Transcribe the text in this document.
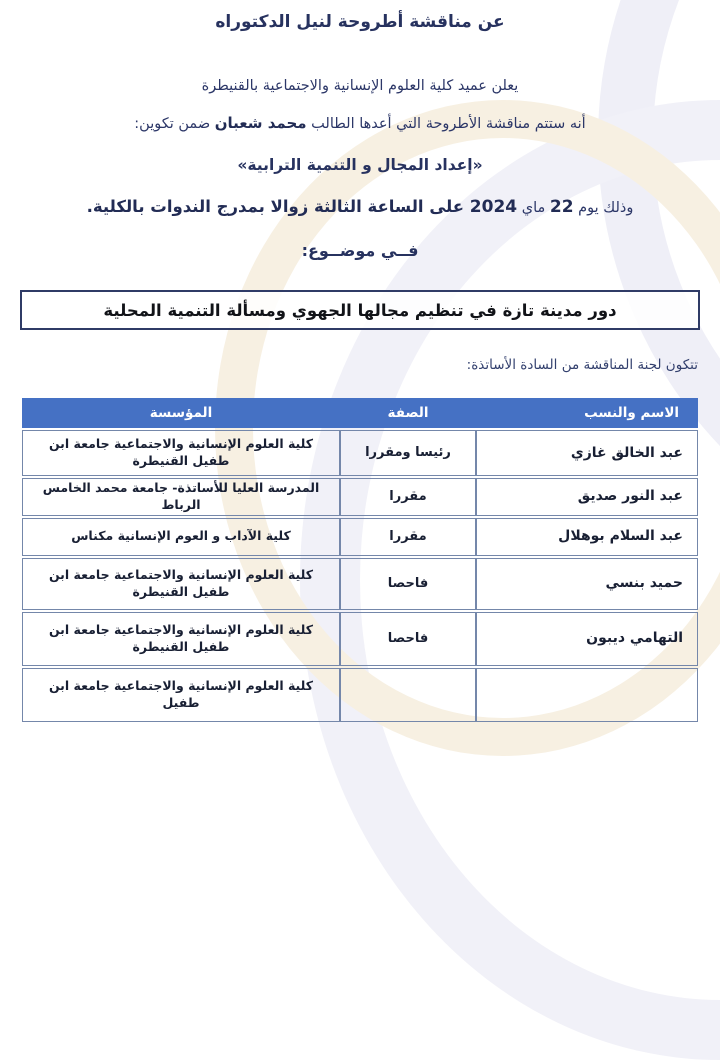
عن مناقشة أطروحة لنيل الدكتوراه
يعلن عميد كلية العلوم الإنسانية والاجتماعية بالقنيطرة
أنه ستتم مناقشة الأطروحة التي أعدها الطالب محمد شعبان ضمن تكوين:
«إعداد المجال و التنمية الترابية»
وذلك يوم 22 ماي 2024 على الساعة الثالثة زوالا بمدرج الندوات بالكلية.
فــي موضــوع:
دور مدينة تازة في تنظيم مجالها الجهوي ومسألة التنمية المحلية
تتكون لجنة المناقشة من السادة الأساتذة:
الاسم والنسب	الصفة	المؤسسة
عبد الخالق غازي	رئيسا ومقررا	كلية العلوم الإنسانية والاجتماعية جامعة ابن طفيل القنيطرة
عبد النور صديق	مقررا	المدرسة العليا للأساتذة- جامعة محمد الخامس الرباط
عبد السلام بوهلال	مقررا	كلية الآداب و العوم الإنسانية مكناس
حميد بنسي	فاحصا	كلية العلوم الإنسانية والاجتماعية جامعة ابن طفيل القنيطرة
التهامي ديبون	فاحصا	كلية العلوم الإنسانية والاجتماعية جامعة ابن طفيل القنيطرة
		كلية العلوم الإنسانية والاجتماعية جامعة ابن طفيل
